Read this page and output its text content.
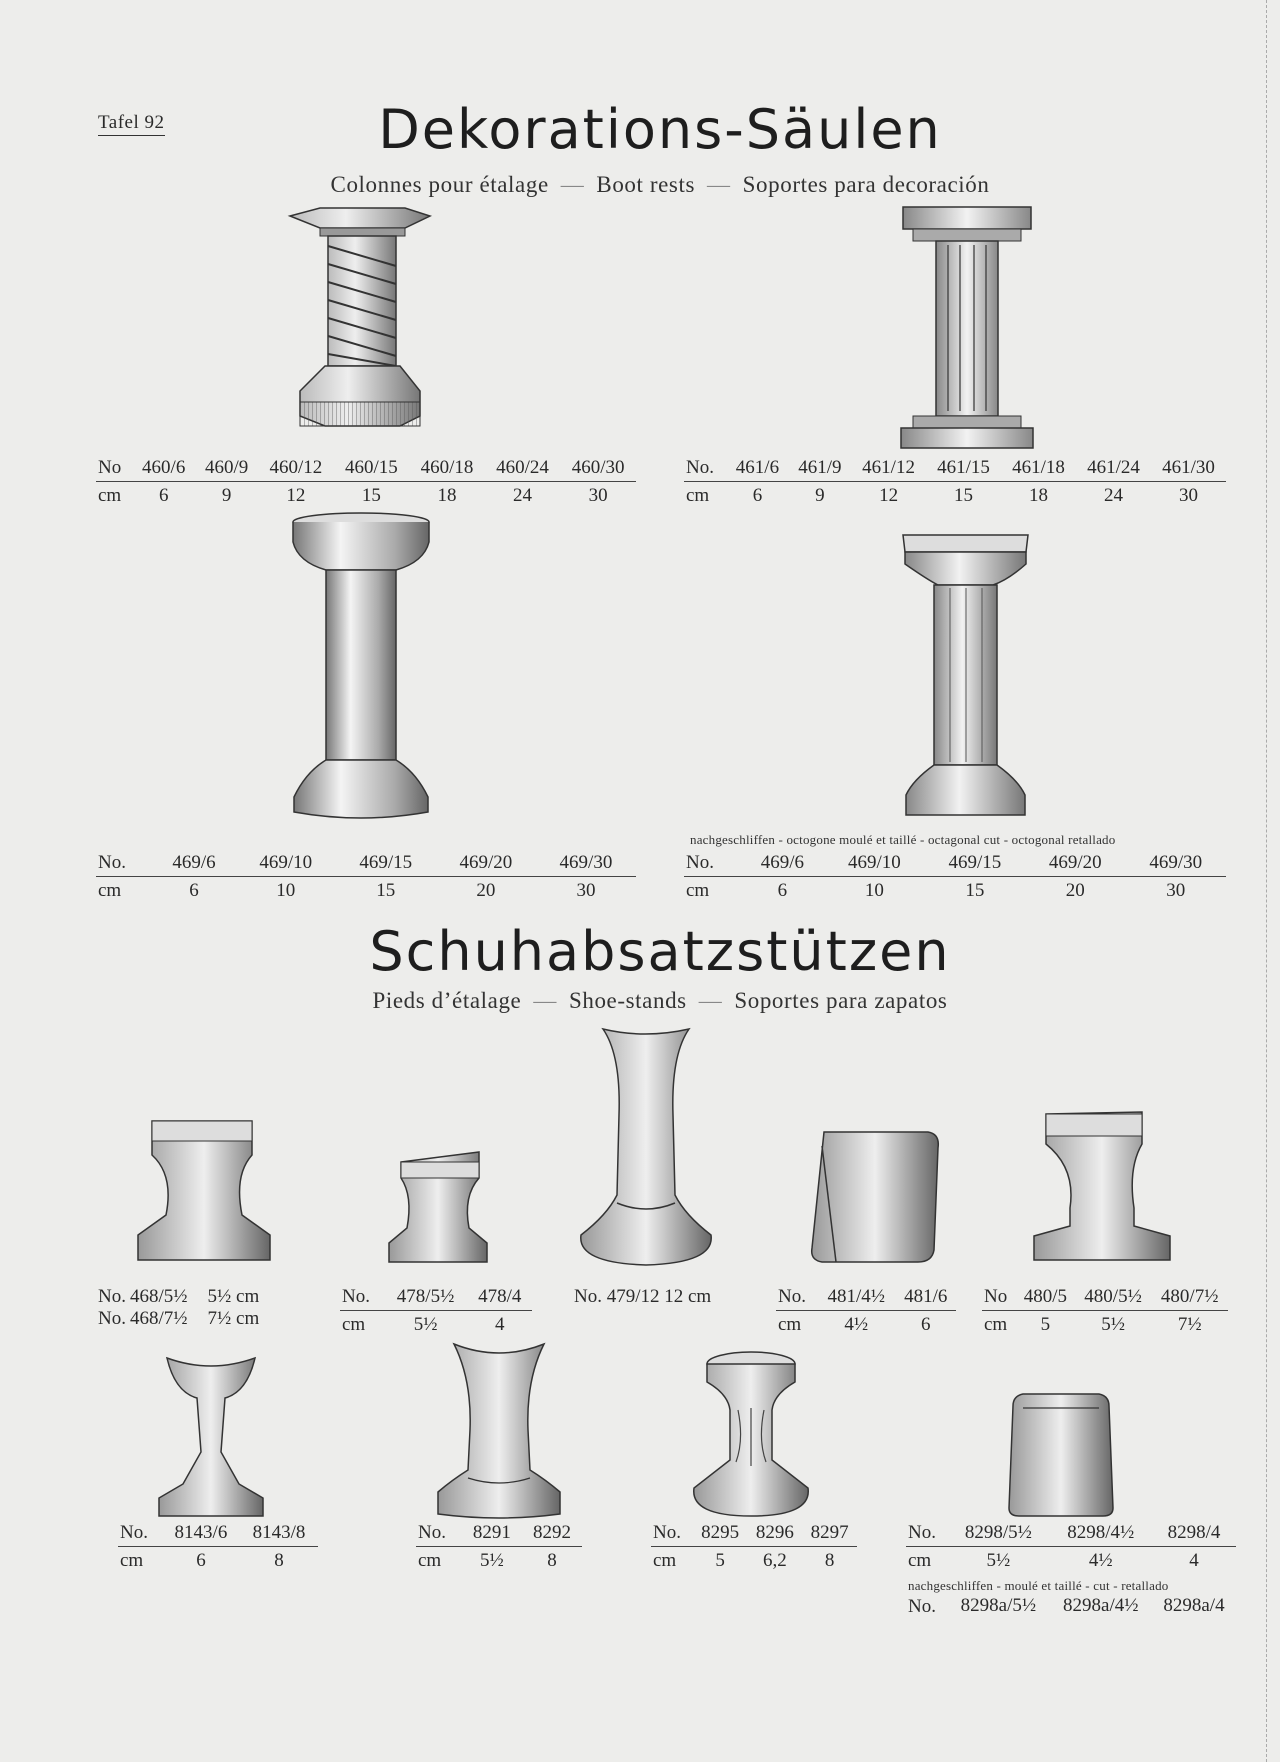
Tafel 92	Dekorations-Säulen
Colonnes pour étalage — Boot rests — Soportes para decoración
No	460/6	460/9	460/12	460/15	460/18	460/24	460/30
cm	6	9	12	15	18	24	30
No.	461/6	461/9	461/12	461/15	461/18	461/24	461/30
cm	6	9	12	15	18	24	30
nachgeschliffen - octogone moulé et taillé - octagonal cut - octogonal retallado
No.	469/6	469/10	469/15	469/20	469/30
cm	6	10	15	20	30
No.	469/6	469/10	469/15	469/20	469/30
cm	6	10	15	20	30
Schuhabsatzstützen
Pieds d’étalage — Shoe-stands — Soportes para zapatos
No.	468/5½	5½ cm
No.	468/7½	7½ cm
No.	478/5½	478/4
cm	5½	4
No. 479/12 12 cm	No.	481/4½	481/6
cm	4½	6
No	480/5	480/5½	480/7½
cm	5	5½	7½
No.	8143/6	8143/8
cm	6	8
No.	8291	8292
cm	5½	8
No.	8295	8296	8297
cm	5	6,2	8
No.	8298/5½	8298/4½	8298/4
cm	5½	4½	4
nachgeschliffen - moulé et taillé - cut - retallado			
No.	8298a/5½	8298a/4½	8298a/4
